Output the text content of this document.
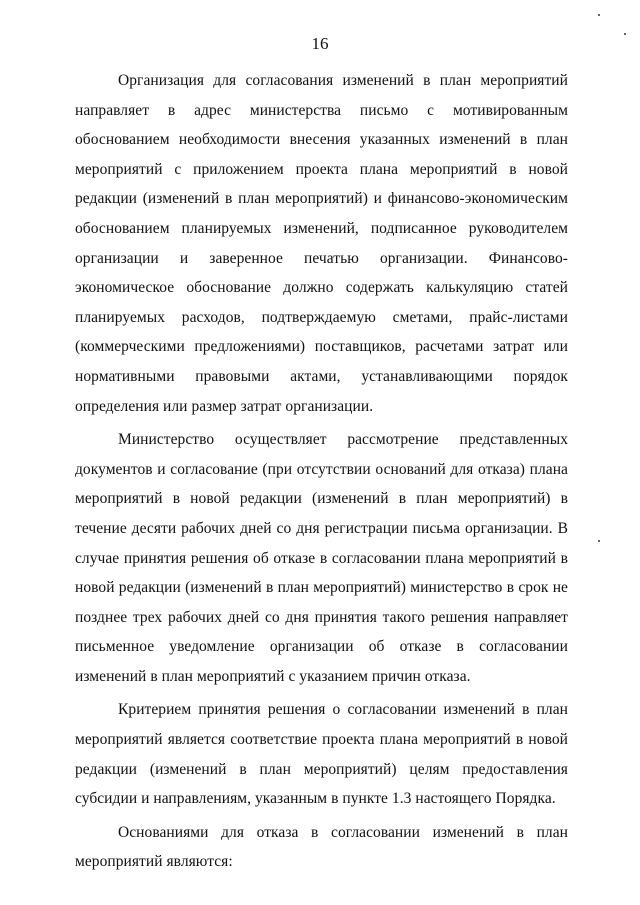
16

Организация для согласования изменений в план мероприятий направляет в адрес министерства письмо с мотивированным обоснованием необходимости внесения указанных изменений в план мероприятий с приложением проекта плана мероприятий в новой редакции (изменений в план мероприятий) и финансово-экономическим обоснованием планируемых изменений, подписанное руководителем организации и заверенное печатью организации. Финансово-экономическое обоснование должно содержать калькуляцию статей планируемых расходов, подтверждаемую сметами, прайс-листами (коммерческими предложениями) поставщиков, расчетами затрат или нормативными правовыми актами, устанавливающими порядок определения или размер затрат организации.

Министерство осуществляет рассмотрение представленных документов и согласование (при отсутствии оснований для отказа) плана мероприятий в новой редакции (изменений в план мероприятий) в течение десяти рабочих дней со дня регистрации письма организации. В случае принятия решения об отказе в согласовании плана мероприятий в новой редакции (изменений в план мероприятий) министерство в срок не позднее трех рабочих дней со дня принятия такого решения направляет письменное уведомление организации об отказе в согласовании изменений в план мероприятий с указанием причин отказа.

Критерием принятия решения о согласовании изменений в план мероприятий является соответствие проекта плана мероприятий в новой редакции (изменений в план мероприятий) целям предоставления субсидии и направлениям, указанным в пункте 1.3 настоящего Порядка.

Основаниями для отказа в согласовании изменений в план мероприятий являются:
